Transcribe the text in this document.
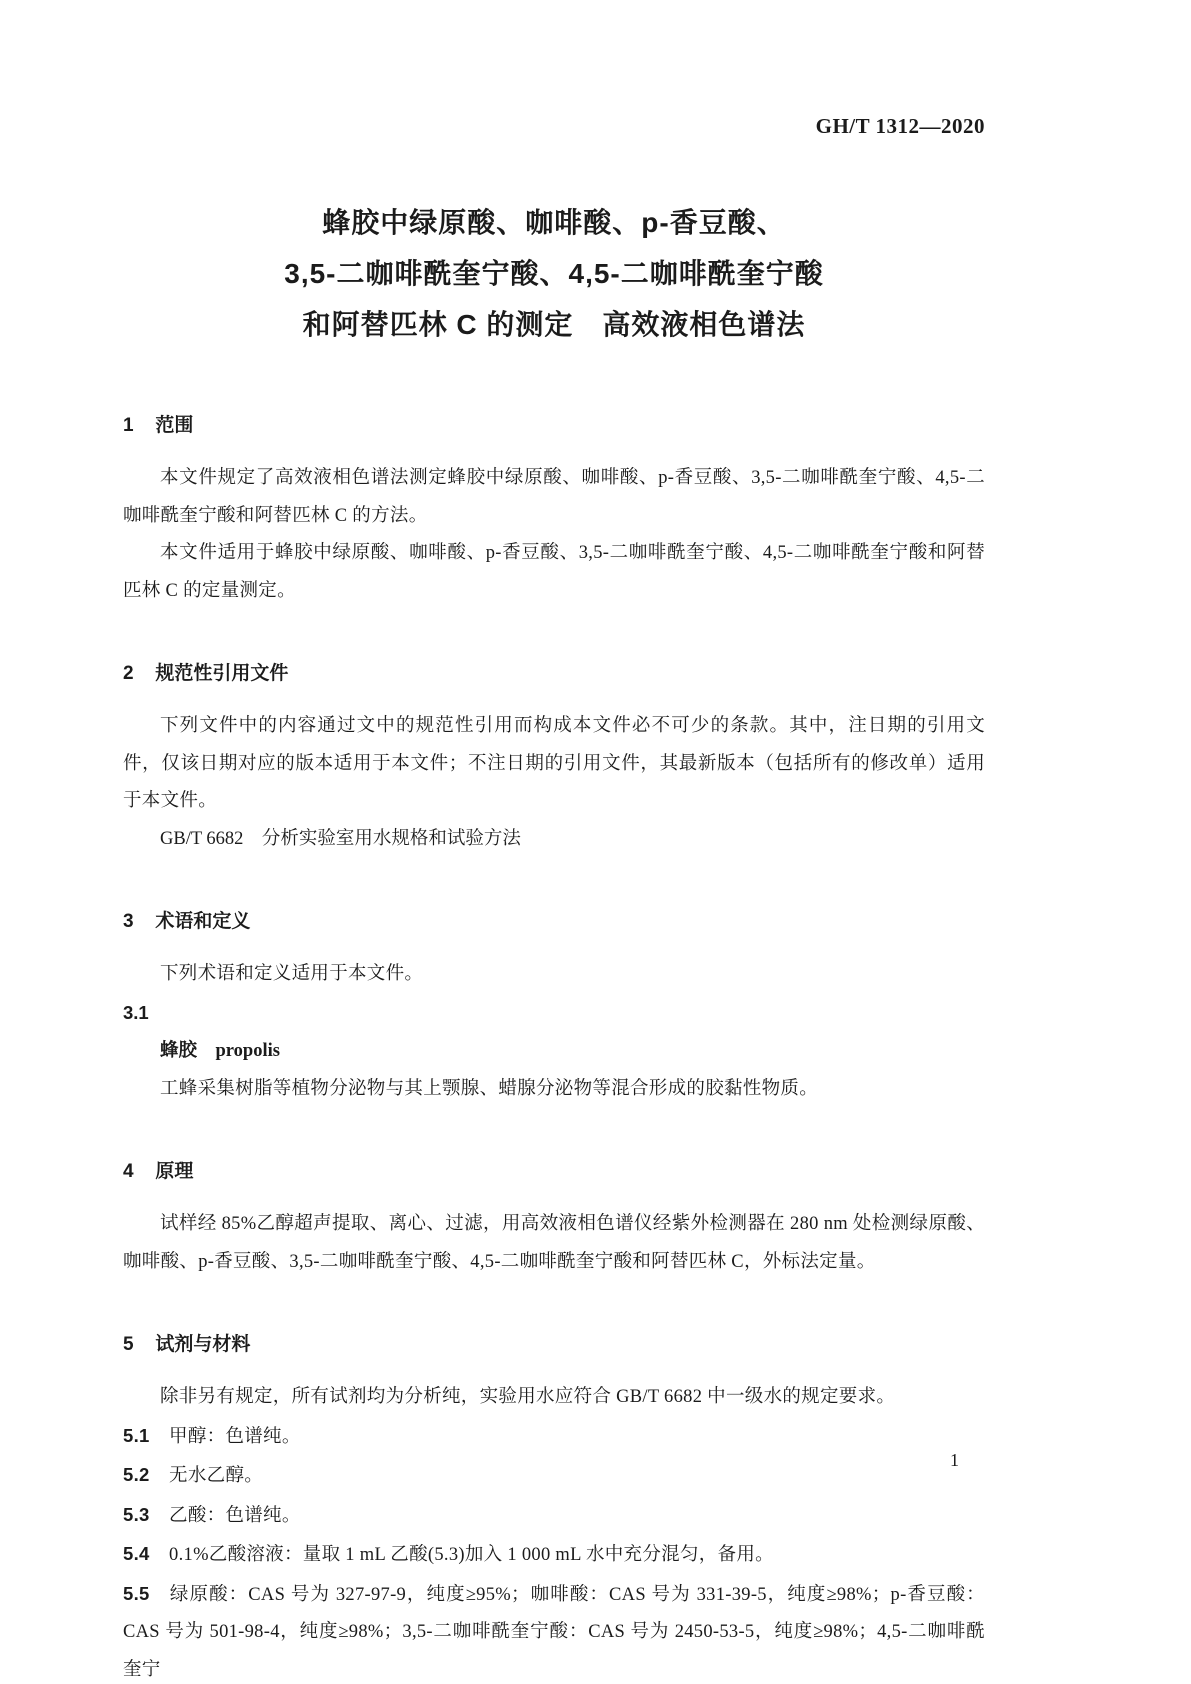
GH/T 1312—2020
蜂胶中绿原酸、咖啡酸、p-香豆酸、
3,5-二咖啡酰奎宁酸、4,5-二咖啡酰奎宁酸
和阿替匹林 C 的测定　高效液相色谱法
1 范围

本文件规定了高效液相色谱法测定蜂胶中绿原酸、咖啡酸、p-香豆酸、3,5-二咖啡酰奎宁酸、4,5-二咖啡酰奎宁酸和阿替匹林 C 的方法。

本文件适用于蜂胶中绿原酸、咖啡酸、p-香豆酸、3,5-二咖啡酰奎宁酸、4,5-二咖啡酰奎宁酸和阿替匹林 C 的定量测定。

2 规范性引用文件

下列文件中的内容通过文中的规范性引用而构成本文件必不可少的条款。其中，注日期的引用文件，仅该日期对应的版本适用于本文件；不注日期的引用文件，其最新版本（包括所有的修改单）适用于本文件。

GB/T 6682　分析实验室用水规格和试验方法

3 术语和定义

下列术语和定义适用于本文件。

3.1

蜂胶 propolis

工蜂采集树脂等植物分泌物与其上颚腺、蜡腺分泌物等混合形成的胶黏性物质。

4 原理

试样经 85%乙醇超声提取、离心、过滤，用高效液相色谱仪经紫外检测器在 280 nm 处检测绿原酸、咖啡酸、p-香豆酸、3,5-二咖啡酰奎宁酸、4,5-二咖啡酰奎宁酸和阿替匹林 C，外标法定量。

5 试剂与材料

除非另有规定，所有试剂均为分析纯，实验用水应符合 GB/T 6682 中一级水的规定要求。

5.1 甲醇：色谱纯。

5.2 无水乙醇。

5.3 乙酸：色谱纯。

5.4 0.1%乙酸溶液：量取 1 mL 乙酸(5.3)加入 1 000 mL 水中充分混匀，备用。

5.5 绿原酸：CAS 号为 327-97-9，纯度≥95%；咖啡酸：CAS 号为 331-39-5，纯度≥98%；p-香豆酸：CAS 号为 501-98-4，纯度≥98%；3,5-二咖啡酰奎宁酸：CAS 号为 2450-53-5，纯度≥98%；4,5-二咖啡酰奎宁

1
